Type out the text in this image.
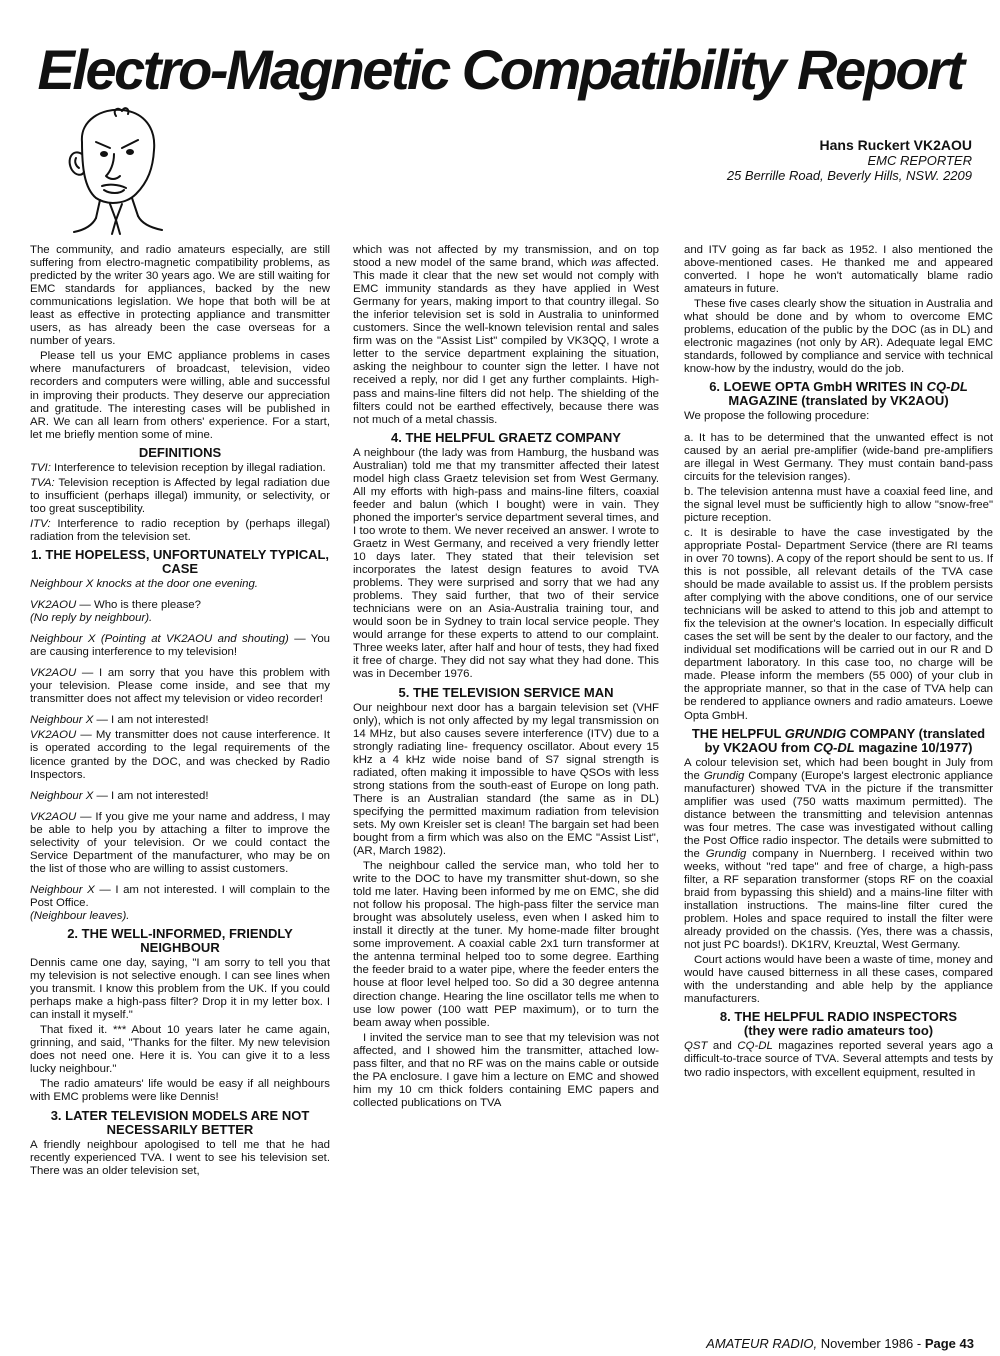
Electro-Magnetic Compatibility Report
Hans Ruckert VK2AOU
EMC REPORTER
25 Berrille Road, Beverly Hills, NSW. 2209

The community, and radio amateurs especially, are still suffering from electro-magnetic compatibility problems, as predicted by the writer 30 years ago. We are still waiting for EMC standards for appliances, backed by the new communications legislation. We hope that both will be at least as effective in protecting appliance and transmitter users, as has already been the case overseas for a number of years.

Please tell us your EMC appliance problems in cases where manufacturers of broadcast, television, video recorders and computers were willing, able and successful in improving their products. They deserve our appreciation and gratitude. The interesting cases will be published in AR. We can all learn from others' experience. For a start, let me briefly mention some of mine.

DEFINITIONS

TVI: Interference to television reception by illegal radiation.

TVA: Television reception is Affected by legal radiation due to insufficient (perhaps illegal) immunity, or selectivity, or too great susceptibility.

ITV: Interference to radio reception by (perhaps illegal) radiation from the television set.

1. THE HOPELESS, UNFORTUNATELY TYPICAL, CASE

Neighbour X knocks at the door one evening.

VK2AOU — Who is there please?
(No reply by neighbour).

Neighbour X (Pointing at VK2AOU and shouting) — You are causing interference to my television!

VK2AOU — I am sorry that you have this problem with your television. Please come inside, and see that my transmitter does not affect my television or video recorder!

Neighbour X — I am not interested!

VK2AOU — My transmitter does not cause interference. It is operated according to the legal requirements of the licence granted by the DOC, and was checked by Radio Inspectors.

Neighbour X — I am not interested!

VK2AOU — If you give me your name and address, I may be able to help you by attaching a filter to improve the selectivity of your television. Or we could contact the Service Department of the manufacturer, who may be on the list of those who are willing to assist customers.

Neighbour X — I am not interested. I will complain to the Post Office.
(Neighbour leaves).

2. THE WELL-INFORMED, FRIENDLY NEIGHBOUR

Dennis came one day, saying, "I am sorry to tell you that my television is not selective enough. I can see lines when you transmit. I know this problem from the UK. If you could perhaps make a high-pass filter? Drop it in my letter box. I can install it myself."

That fixed it. *** About 10 years later he came again, grinning, and said, "Thanks for the filter. My new television does not need one. Here it is. You can give it to a less lucky neighbour."

The radio amateurs' life would be easy if all neighbours with EMC problems were like Dennis!

3. LATER TELEVISION MODELS ARE NOT NECESSARILY BETTER

A friendly neighbour apologised to tell me that he had recently experienced TVA. I went to see his television set. There was an older television set,

which was not affected by my transmission, and on top stood a new model of the same brand, which was affected. This made it clear that the new set would not comply with EMC immunity standards as they have applied in West Germany for years, making import to that country illegal. So the inferior television set is sold in Australia to uninformed customers. Since the well-known television rental and sales firm was on the "Assist List" compiled by VK3QQ, I wrote a letter to the service department explaining the situation, asking the neighbour to counter sign the letter. I have not received a reply, nor did I get any further complaints. High-pass and mains-line filters did not help. The shielding of the filters could not be earthed effectively, because there was not much of a metal chassis.

4. THE HELPFUL GRAETZ COMPANY

A neighbour (the lady was from Hamburg, the husband was Australian) told me that my transmitter affected their latest model high class Graetz television set from West Germany. All my efforts with high-pass and mains-line filters, coaxial feeder and balun (which I bought) were in vain. They phoned the importer's service department several times, and I too wrote to them. We never received an answer. I wrote to Graetz in West Germany, and received a very friendly letter 10 days later. They stated that their television set incorporates the latest design features to avoid TVA problems. They were surprised and sorry that we had any problems. They said further, that two of their service technicians were on an Asia-Australia training tour, and would soon be in Sydney to train local service people. They would arrange for these experts to attend to our complaint. Three weeks later, after half and hour of tests, they had fixed it free of charge. They did not say what they had done. This was in December 1976.

5. THE TELEVISION SERVICE MAN

Our neighbour next door has a bargain television set (VHF only), which is not only affected by my legal transmission on 14 MHz, but also causes severe interference (ITV) due to a strongly radiating line- frequency oscillator. About every 15 kHz a 4 kHz wide noise band of S7 signal strength is radiated, often making it impossible to have QSOs with less strong stations from the south-east of Europe on long path. There is an Australian standard (the same as in DL) specifying the permitted maximum radiation from television sets. My own Kreisler set is clean! The bargain set had been bought from a firm which was also on the EMC "Assist List", (AR, March 1982).

The neighbour called the service man, who told her to write to the DOC to have my transmitter shut-down, so she told me later. Having been informed by me on EMC, she did not follow his proposal. The high-pass filter the service man brought was absolutely useless, even when I asked him to install it directly at the tuner. My home-made filter brought some improvement. A coaxial cable 2x1 turn transformer at the antenna terminal helped too to some degree. Earthing the feeder braid to a water pipe, where the feeder enters the house at floor level helped too. So did a 30 degree antenna direction change. Hearing the line oscillator tells me when to use low power (100 watt PEP maximum), or to turn the beam away when possible.

I invited the service man to see that my television was not affected, and I showed him the transmitter, attached low-pass filter, and that no RF was on the mains cable or outside the PA enclosure. I gave him a lecture on EMC and showed him my 10 cm thick folders containing EMC papers and collected publications on TVA

and ITV going as far back as 1952. I also mentioned the above-mentioned cases. He thanked me and appeared converted. I hope he won't automatically blame radio amateurs in future.

These five cases clearly show the situation in Australia and what should be done and by whom to overcome EMC problems, education of the public by the DOC (as in DL) and electronic magazines (not only by AR). Adequate legal EMC standards, followed by compliance and service with technical know-how by the industry, would do the job.

6. LOEWE OPTA GmbH WRITES IN CQ-DL MAGAZINE (translated by VK2AOU)

We propose the following procedure:

a. It has to be determined that the unwanted effect is not caused by an aerial pre-amplifier (wide-band pre-amplifiers are illegal in West Germany. They must contain band-pass circuits for the television ranges).

b. The television antenna must have a coaxial feed line, and the signal level must be sufficiently high to allow "snow-free" picture reception.

c. It is desirable to have the case investigated by the appropriate Postal- Department Service (there are RI teams in over 70 towns). A copy of the report should be sent to us. If this is not possible, all relevant details of the TVA case should be made available to assist us. If the problem persists after complying with the above conditions, one of our service technicians will be asked to attend to this job and attempt to fix the television at the owner's location. In especially difficult cases the set will be sent by the dealer to our factory, and the individual set modifications will be carried out in our R and D department laboratory. In this case too, no charge will be made. Please inform the members (55 000) of your club in the appropriate manner, so that in the case of TVA help can be rendered to appliance owners and radio amateurs. Loewe Opta GmbH.

THE HELPFUL GRUNDIG COMPANY (translated by VK2AOU from CQ-DL magazine 10/1977)

A colour television set, which had been bought in July from the Grundig Company (Europe's largest electronic appliance manufacturer) showed TVA in the picture if the transmitter amplifier was used (750 watts maximum permitted). The distance between the transmitting and television antennas was four metres. The case was investigated without calling the Post Office radio inspector. The details were submitted to the Grundig company in Nuernberg. I received within two weeks, without "red tape" and free of charge, a high-pass filter, a RF separation transformer (stops RF on the coaxial braid from bypassing this shield) and a mains-line filter with installation instructions. The mains-line filter cured the problem. Holes and space required to install the filter were already provided on the chassis. (Yes, there was a chassis, not just PC boards!). DK1RV, Kreuztal, West Germany.

Court actions would have been a waste of time, money and would have caused bitterness in all these cases, compared with the understanding and able help by the appliance manufacturers.

8. THE HELPFUL RADIO INSPECTORS
(they were radio amateurs too)

QST and CQ-DL magazines reported several years ago a difficult-to-trace source of TVA. Several attempts and tests by two radio inspectors, with excellent equipment, resulted in

AMATEUR RADIO, November 1986 - Page 43
